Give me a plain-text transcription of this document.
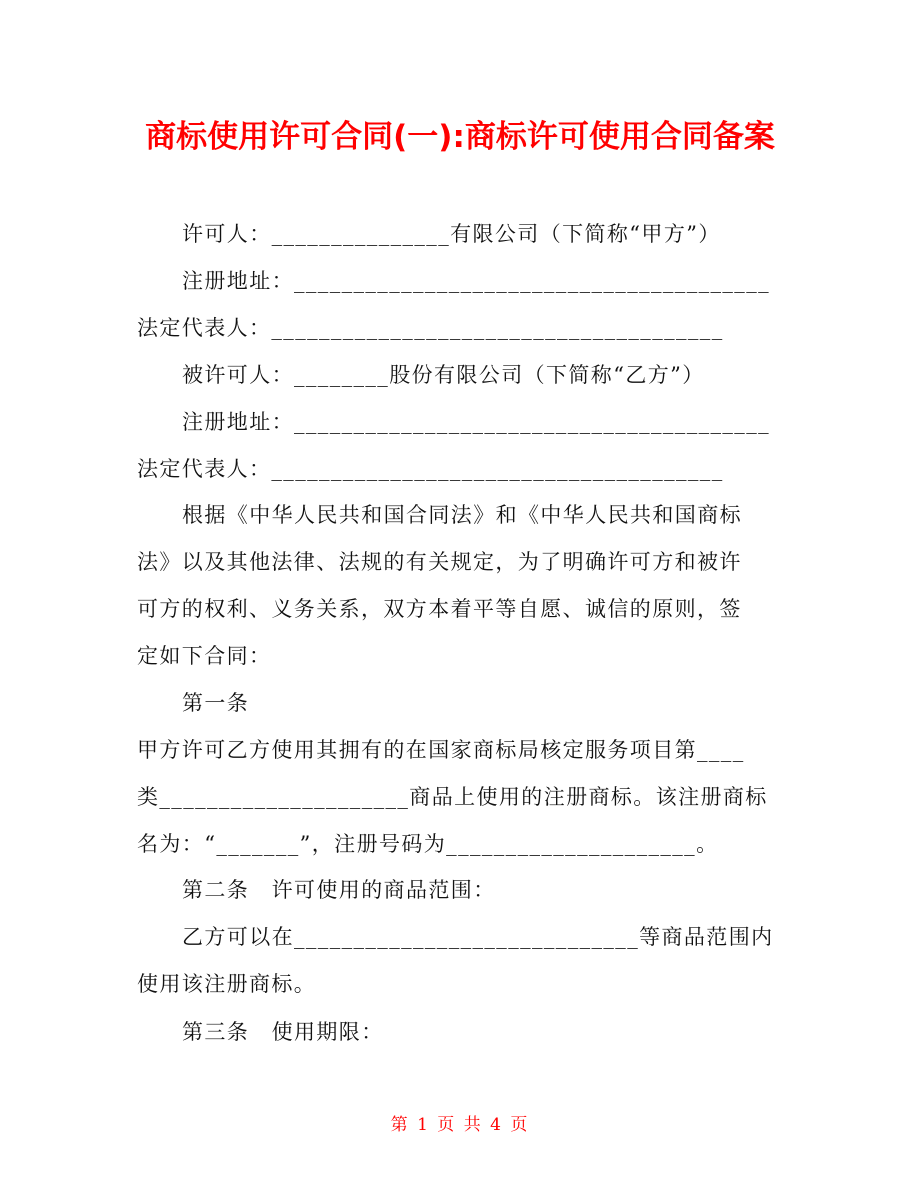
商标使用许可合同(一):商标许可使用合同备案
许可人：_______________有限公司（下简称“甲方”）
注册地址：________________________________________
法定代表人：______________________________________
被许可人：________股份有限公司（下简称“乙方”）
注册地址：________________________________________
法定代表人：______________________________________
根据《中华人民共和国合同法》和《中华人民共和国商标
法》以及其他法律、法规的有关规定，为了明确许可方和被许
可方的权利、义务关系，双方本着平等自愿、诚信的原则，签
定如下合同：
第一条
甲方许可乙方使用其拥有的在国家商标局核定服务项目第____
类_____________________商品上使用的注册商标。该注册商标
名为：“_______”，注册号码为_____________________。
第二条　许可使用的商品范围：
乙方可以在_____________________________等商品范围内
使用该注册商标。
第三条　使用期限：
第 1 页 共 4 页
